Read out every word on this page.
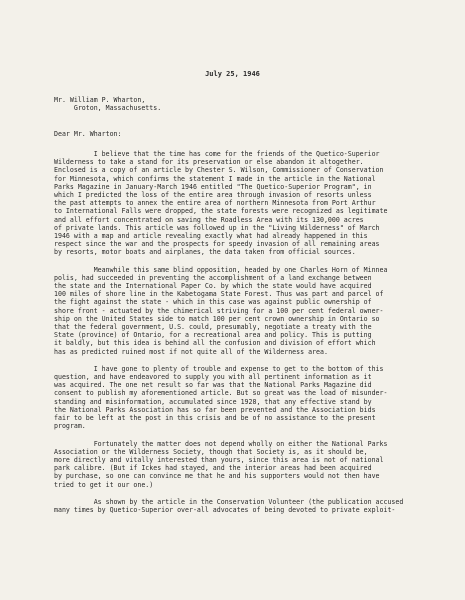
July 25, 1946
Mr. William P. Wharton,
Groton, Massachusetts.
Dear Mr. Wharton:
I believe that the time has come for the friends of the Quetico-Superior
Wilderness to take a stand for its preservation or else abandon it altogether.
Enclosed is a copy of an article by Chester S. Wilson, Commissioner of Conservation
for Minnesota, which confirms the statement I made in the article in the National
Parks Magazine in January-March 1946 entitled "The Quetico-Superior Program", in
which I predicted the loss of the entire area through invasion of resorts unless
the past attempts to annex the entire area of northern Minnesota from Port Arthur
to International Falls were dropped, the state forests were recognized as legitimate
and all effort concentrated on saving the Roadless Area with its 130,000 acres
of private lands. This article was followed up in the "Living Wilderness" of March
1946 with a map and article revealing exactly what had already happened in this
respect since the war and the prospects for speedy invasion of all remaining areas
by resorts, motor boats and airplanes, the data taken from official sources.
Meanwhile this same blind opposition, headed by one Charles Horn of Minneа
polis, had succeeded in preventing the accomplishment of a land exchange between
the state and the International Paper Co. by which the state would have acquired
100 miles of shore line in the Kabetogama State Forest. Thus was part and parcel of
the fight against the state - which in this case was against public ownership of
shore front - actuated by the chimerical striving for a 100 per cent federal owner-
ship on the United States side to match 100 per cent crown ownership in Ontario so
that the federal government, U.S. could, presumably, negotiate a treaty with the
State (province) of Ontario, for a recreational area and policy. This is putting
it baldly, but this idea is behind all the confusion and division of effort which
has as predicted ruined most if not quite all of the Wilderness area.
I have gone to plenty of trouble and expense to get to the bottom of this
question, and have endeavored to supply you with all pertinent information as it
was acquired. The one net result so far was that the National Parks Magazine did
consent to publish my aforementioned article. But so great was the load of misunder-
standing and misinformation, accumulated since 1928, that any effective stand by
the National Parks Association has so far been prevented and the Association bids
fair to be left at the post in this crisis and be of no assistance to the present
program.
Fortunately the matter does not depend wholly on either the National Parks
Association or the Wilderness Society, though that Society is, as it should be,
more directly and vitally interested than yours, since this area is not of national
park calibre. (But if Ickes had stayed, and the interior areas had been acquired
by purchase, so one can convince me that he and his supporters would not then have
tried to get it our one.)
As shown by the article in the Conservation Volunteer (the publication accused
many times by Quetico-Superior over-all advocates of being devoted to private exploit-
